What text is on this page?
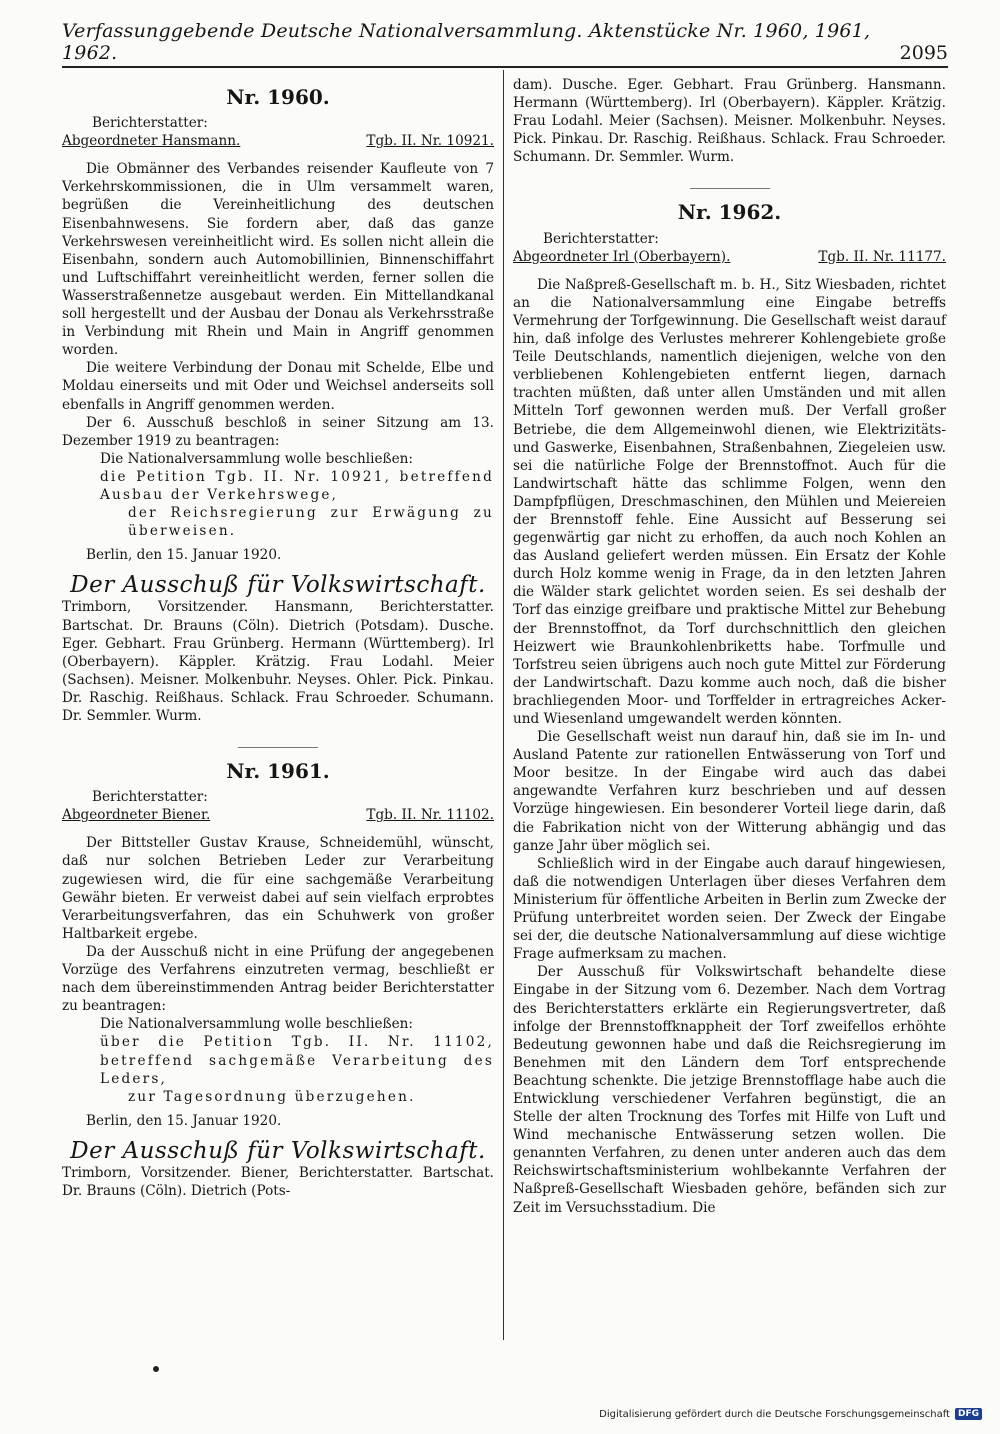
Verfassunggebende Deutsche Nationalversammlung. Aktenstücke Nr. 1960, 1961, 1962.	2095
Nr. 1960.
Berichterstatter:
Abgeordneter Hansmann.	Tgb. II. Nr. 10921.

Die Obmänner des Verbandes reisender Kaufleute von 7 Verkehrskommissionen, die in Ulm versammelt waren, begrüßen die Vereinheitlichung des deutschen Eisenbahnwesens. Sie fordern aber, daß das ganze Verkehrswesen vereinheitlicht wird. Es sollen nicht allein die Eisenbahn, sondern auch Automobillinien, Binnenschiffahrt und Luftschiffahrt vereinheitlicht werden, ferner sollen die Wasserstraßennetze ausgebaut werden. Ein Mittellandkanal soll hergestellt und der Ausbau der Donau als Verkehrsstraße in Verbindung mit Rhein und Main in Angriff genommen worden.

Die weitere Verbindung der Donau mit Schelde, Elbe und Moldau einerseits und mit Oder und Weichsel anderseits soll ebenfalls in Angriff genommen werden.

Der 6. Ausschuß beschloß in seiner Sitzung am 13. Dezember 1919 zu beantragen:

Die Nationalversammlung wolle beschließen:

die Petition Tgb. II. Nr. 10921, betreffend Ausbau der Verkehrswege,

der Reichsregierung zur Erwägung zu überweisen.

Berlin, den 15. Januar 1920.

Der Ausschuß für Volkswirtschaft.

Trimborn, Vorsitzender. Hansmann, Berichterstatter. Bartschat. Dr. Brauns (Cöln). Dietrich (Potsdam). Dusche. Eger. Gebhart. Frau Grünberg. Hermann (Württemberg). Irl (Oberbayern). Käppler. Krätzig. Frau Lodahl. Meier (Sachsen). Meisner. Molkenbuhr. Neyses. Ohler. Pick. Pinkau. Dr. Raschig. Reißhaus. Schlack. Frau Schroeder. Schumann. Dr. Semmler. Wurm.

Nr. 1961.
Berichterstatter:
Abgeordneter Biener.	Tgb. II. Nr. 11102.

Der Bittsteller Gustav Krause, Schneidemühl, wünscht, daß nur solchen Betrieben Leder zur Verarbeitung zugewiesen wird, die für eine sachgemäße Verarbeitung Gewähr bieten. Er verweist dabei auf sein vielfach erprobtes Verarbeitungsverfahren, das ein Schuhwerk von großer Haltbarkeit ergebe.

Da der Ausschuß nicht in eine Prüfung der angegebenen Vorzüge des Verfahrens einzutreten vermag, beschließt er nach dem übereinstimmenden Antrag beider Berichterstatter zu beantragen:

Die Nationalversammlung wolle beschließen:

über die Petition Tgb. II. Nr. 11102, betreffend sachgemäße Verarbeitung des Leders,

zur Tagesordnung überzugehen.

Berlin, den 15. Januar 1920.

Der Ausschuß für Volkswirtschaft.

Trimborn, Vorsitzender. Biener, Berichterstatter. Bartschat. Dr. Brauns (Cöln). Dietrich (Pots-

dam). Dusche. Eger. Gebhart. Frau Grünberg. Hansmann. Hermann (Württemberg). Irl (Oberbayern). Käppler. Krätzig. Frau Lodahl. Meier (Sachsen). Meisner. Molkenbuhr. Neyses. Pick. Pinkau. Dr. Raschig. Reißhaus. Schlack. Frau Schroeder. Schumann. Dr. Semmler. Wurm.

Nr. 1962.
Berichterstatter:
Abgeordneter Irl (Oberbayern).	Tgb. II. Nr. 11177.

Die Naßpreß-Gesellschaft m. b. H., Sitz Wiesbaden, richtet an die Nationalversammlung eine Eingabe betreffs Vermehrung der Torfgewinnung. Die Gesellschaft weist darauf hin, daß infolge des Verlustes mehrerer Kohlengebiete große Teile Deutschlands, namentlich diejenigen, welche von den verbliebenen Kohlengebieten entfernt liegen, darnach trachten müßten, daß unter allen Umständen und mit allen Mitteln Torf gewonnen werden muß. Der Verfall großer Betriebe, die dem Allgemeinwohl dienen, wie Elektrizitäts- und Gaswerke, Eisenbahnen, Straßenbahnen, Ziegeleien usw. sei die natürliche Folge der Brennstoffnot. Auch für die Landwirtschaft hätte das schlimme Folgen, wenn den Dampfpflügen, Dreschmaschinen, den Mühlen und Meiereien der Brennstoff fehle. Eine Aussicht auf Besserung sei gegenwärtig gar nicht zu erhoffen, da auch noch Kohlen an das Ausland geliefert werden müssen. Ein Ersatz der Kohle durch Holz komme wenig in Frage, da in den letzten Jahren die Wälder stark gelichtet worden seien. Es sei deshalb der Torf das einzige greifbare und praktische Mittel zur Behebung der Brennstoffnot, da Torf durchschnittlich den gleichen Heizwert wie Braunkohlenbriketts habe. Torfmulle und Torfstreu seien übrigens auch noch gute Mittel zur Förderung der Landwirtschaft. Dazu komme auch noch, daß die bisher brachliegenden Moor- und Torffelder in ertragreiches Acker- und Wiesenland umgewandelt werden könnten.

Die Gesellschaft weist nun darauf hin, daß sie im In- und Ausland Patente zur rationellen Entwässerung von Torf und Moor besitze. In der Eingabe wird auch das dabei angewandte Verfahren kurz beschrieben und auf dessen Vorzüge hingewiesen. Ein besonderer Vorteil liege darin, daß die Fabrikation nicht von der Witterung abhängig und das ganze Jahr über möglich sei.

Schließlich wird in der Eingabe auch darauf hingewiesen, daß die notwendigen Unterlagen über dieses Verfahren dem Ministerium für öffentliche Arbeiten in Berlin zum Zwecke der Prüfung unterbreitet worden seien. Der Zweck der Eingabe sei der, die deutsche Nationalversammlung auf diese wichtige Frage aufmerksam zu machen.

Der Ausschuß für Volkswirtschaft behandelte diese Eingabe in der Sitzung vom 6. Dezember. Nach dem Vortrag des Berichterstatters erklärte ein Regierungsvertreter, daß infolge der Brennstoffknappheit der Torf zweifellos erhöhte Bedeutung gewonnen habe und daß die Reichsregierung im Benehmen mit den Ländern dem Torf entsprechende Beachtung schenkte. Die jetzige Brennstofflage habe auch die Entwicklung verschiedener Verfahren begünstigt, die an Stelle der alten Trocknung des Torfes mit Hilfe von Luft und Wind mechanische Entwässerung setzen wollen. Die genannten Verfahren, zu denen unter anderen auch das dem Reichswirtschaftsministerium wohlbekannte Verfahren der Naßpreß-Gesellschaft Wiesbaden gehöre, befänden sich zur Zeit im Versuchsstadium. Die

Digitalisierung gefördert durch die Deutsche Forschungsgemeinschaft DFG
